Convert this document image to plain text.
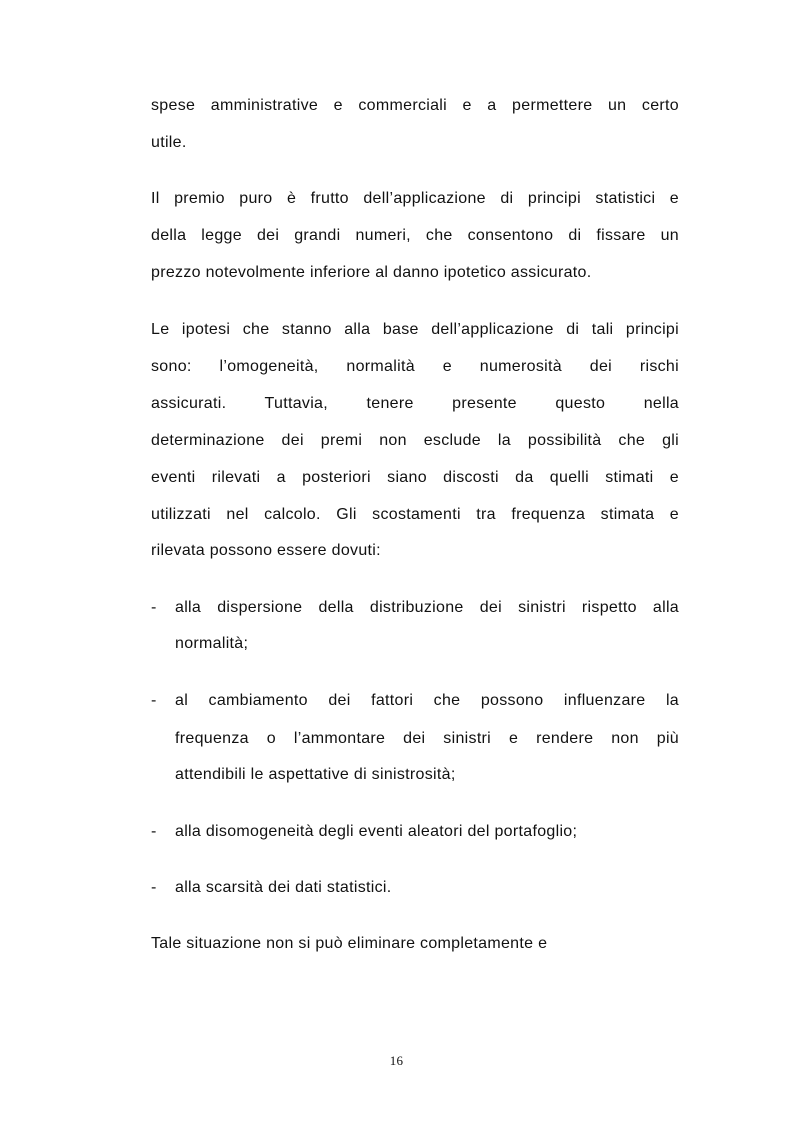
spese amministrative e commerciali e a permettere un certo
utile.
Il premio puro è frutto dell’applicazione di principi statistici e
della legge dei grandi numeri, che consentono di fissare un
prezzo notevolmente inferiore al danno ipotetico assicurato.
Le ipotesi che stanno alla base dell’applicazione di tali principi
sono: l’omogeneità, normalità e numerosità dei rischi
assicurati. Tuttavia, tenere presente questo nella
determinazione dei premi non esclude la possibilità che gli
eventi rilevati a posteriori siano discosti da quelli stimati e
utilizzati nel calcolo. Gli scostamenti tra frequenza stimata e
rilevata possono essere dovuti:
- alla dispersione della distribuzione dei sinistri rispetto alla
normalità;
- al cambiamento dei fattori che possono influenzare la
frequenza o l’ammontare dei sinistri e rendere non più
attendibili le aspettative di sinistrosità;
- alla disomogeneità degli eventi aleatori del portafoglio;
- alla scarsità dei dati statistici.
Tale situazione non si può eliminare completamente e
16
